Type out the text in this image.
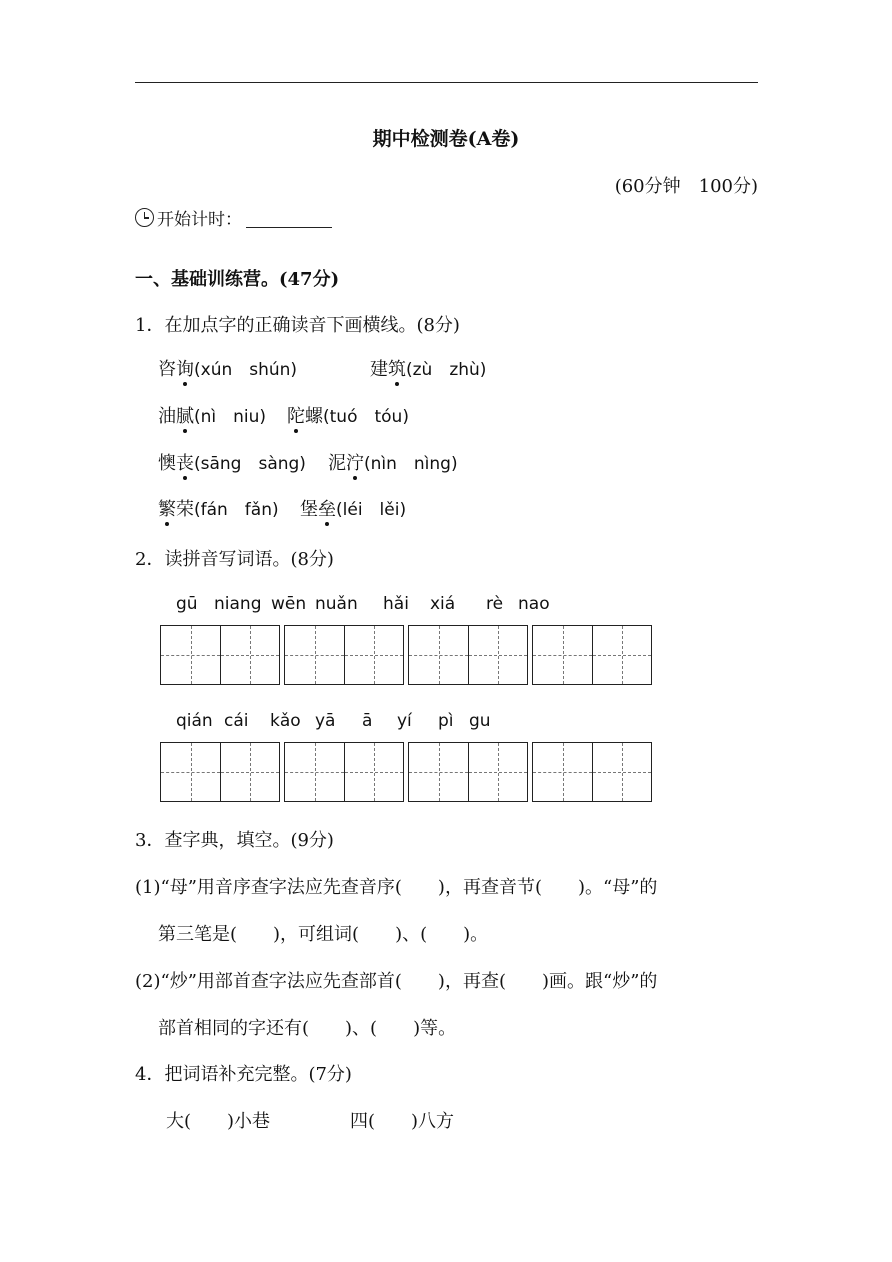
期中检测卷(A卷)
(60分钟　100分)
开始计时：
一、基础训练营。(47分)
1．在加点字的正确读音下画横线。(8分)
咨询(xún　shún)	建筑(zù　zhù)
油腻(nì　niu) 陀螺(tuó　tóu)
懊丧(sāng　sàng) 泥泞(nìn　nìng)
繁荣(fán　fǎn) 堡垒(léi　lěi)
2．读拼音写词语。(8分)
gū niang wēn nuǎn hǎi xiá rè nao
qián cái kǎo yā ā yí pì gu
3．查字典，填空。(9分)
(1)“母”用音序查字法应先查音序(　　)，再查音节(　　)。“母”的
第三笔是(　　)，可组词(　　)、(　　)。
(2)“炒”用部首查字法应先查部首(　　)，再查(　　)画。跟“炒”的
部首相同的字还有(　　)、(　　)等。
4．把词语补充完整。(7分)
大(　　)小巷	四(　　)八方
